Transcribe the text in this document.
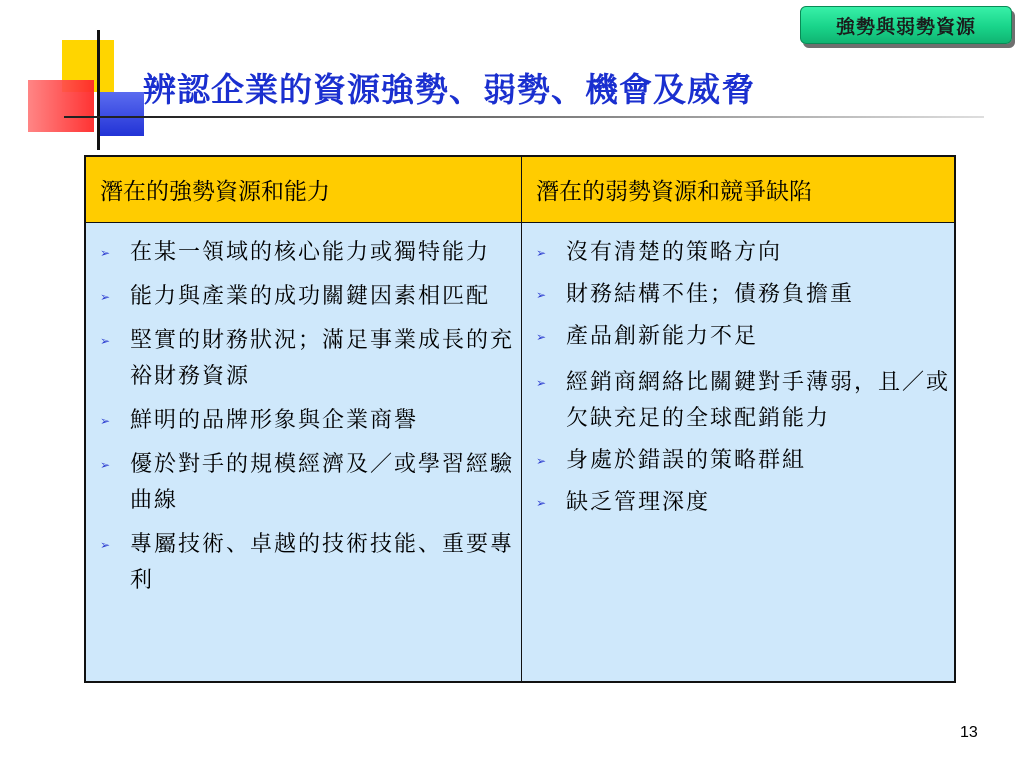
強勢與弱勢資源
辨認企業的資源強勢、弱勢、機會及威脅
潛在的強勢資源和能力	潛在的弱勢資源和競爭缺陷
➢ 在某一領域的核心能力或獨特能力
➢ 能力與產業的成功關鍵因素相匹配
➢ 堅實的財務狀況；滿足事業成長的充裕財務資源
➢ 鮮明的品牌形象與企業商譽
➢ 優於對手的規模經濟及／或學習經驗曲線
➢ 專屬技術、卓越的技術技能、重要專利
➢ 沒有清楚的策略方向
➢ 財務結構不佳；債務負擔重
➢ 產品創新能力不足
➢ 經銷商網絡比關鍵對手薄弱，且／或欠缺充足的全球配銷能力
➢ 身處於錯誤的策略群組
➢ 缺乏管理深度
13
